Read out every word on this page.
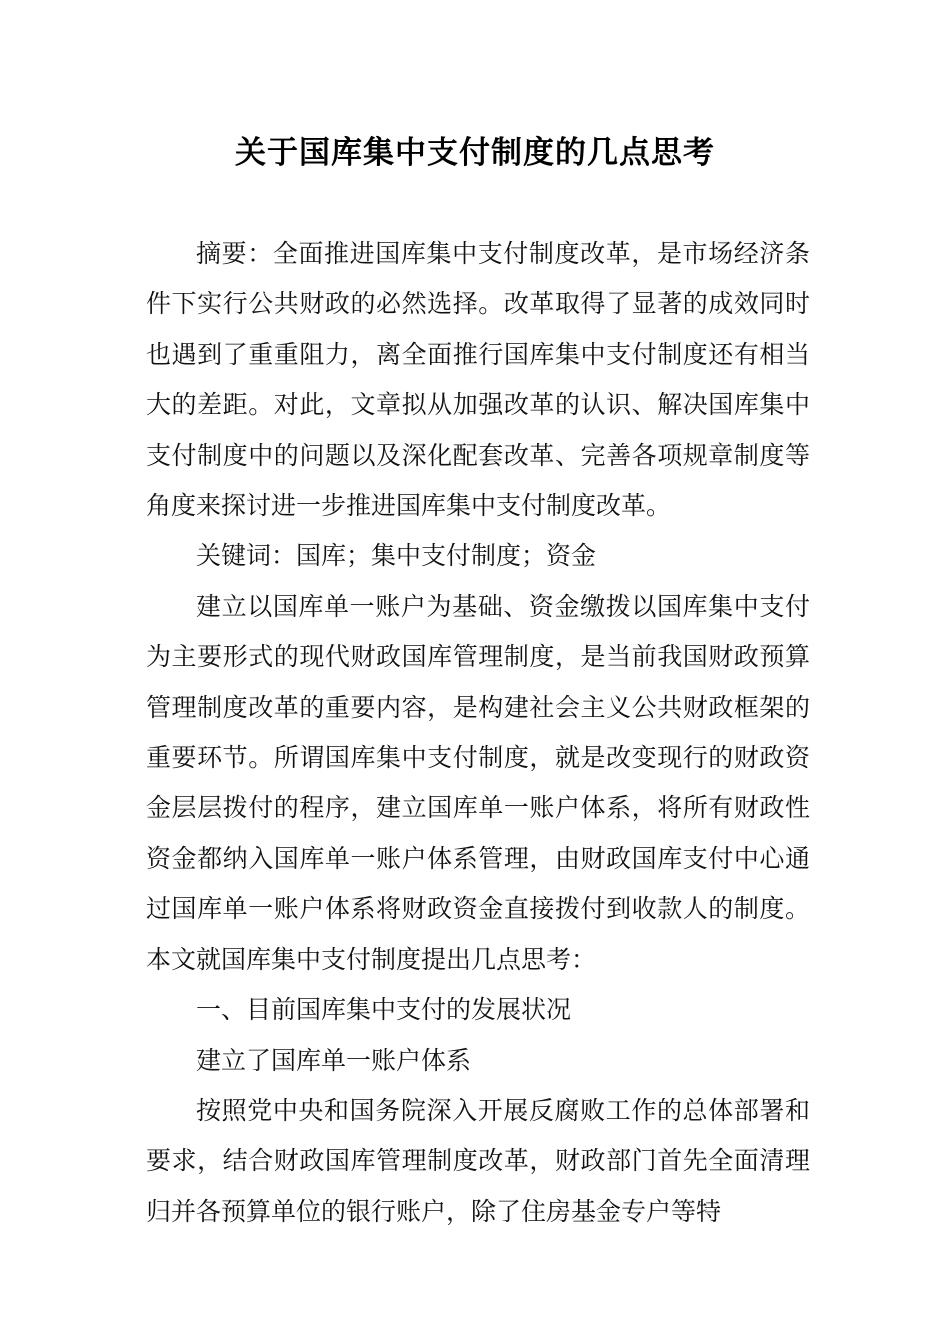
关于国库集中支付制度的几点思考

摘要：全面推进国库集中支付制度改革，是市场经济条件下实行公共财政的必然选择。改革取得了显著的成效同时也遇到了重重阻力，离全面推行国库集中支付制度还有相当大的差距。对此，文章拟从加强改革的认识、解决国库集中支付制度中的问题以及深化配套改革、完善各项规章制度等角度来探讨进一步推进国库集中支付制度改革。

关键词：国库；集中支付制度；资金

建立以国库单一账户为基础、资金缴拨以国库集中支付为主要形式的现代财政国库管理制度，是当前我国财政预算管理制度改革的重要内容，是构建社会主义公共财政框架的重要环节。所谓国库集中支付制度，就是改变现行的财政资金层层拨付的程序，建立国库单一账户体系，将所有财政性资金都纳入国库单一账户体系管理，由财政国库支付中心通过国库单一账户体系将财政资金直接拨付到收款人的制度。本文就国库集中支付制度提出几点思考：

一、目前国库集中支付的发展状况

建立了国库单一账户体系

按照党中央和国务院深入开展反腐败工作的总体部署和要求，结合财政国库管理制度改革，财政部门首先全面清理归并各预算单位的银行账户，除了住房基金专户等特
